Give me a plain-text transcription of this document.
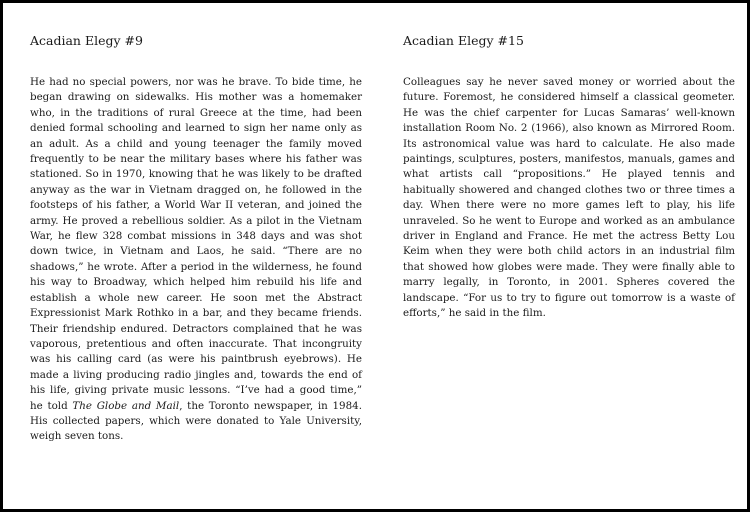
Acadian Elegy #9

He had no special powers, nor was he brave. To bide time, he began drawing on sidewalks. His mother was a homemaker who, in the traditions of rural Greece at the time, had been denied formal schooling and learned to sign her name only as an adult. As a child and young teenager the family moved frequently to be near the military bases where his father was stationed. So in 1970, knowing that he was likely to be drafted anyway as the war in Vietnam dragged on, he followed in the footsteps of his father, a World War II veteran, and joined the army. He proved a rebellious soldier. As a pilot in the Vietnam War, he flew 328 combat missions in 348 days and was shot down twice, in Vietnam and Laos, he said. “There are no shadows,” he wrote. After a period in the wilderness, he found his way to Broadway, which helped him rebuild his life and establish a whole new career. He soon met the Abstract Expressionist Mark Rothko in a bar, and they became friends. Their friendship endured. Detractors complained that he was vaporous, pretentious and often inaccurate. That incongruity was his calling card (as were his paintbrush eyebrows). He made a living producing radio jingles and, towards the end of his life, giving private music lessons. “I’ve had a good time,” he told The Globe and Mail, the Toronto newspaper, in 1984. His collected papers, which were donated to Yale University, weigh seven tons.

Acadian Elegy #15

Colleagues say he never saved money or worried about the future. Foremost, he considered himself a classical geometer. He was the chief carpenter for Lucas Samaras’ well-known installation Room No. 2 (1966), also known as Mirrored Room. Its astronomical value was hard to calculate. He also made paintings, sculptures, posters, manifestos, manuals, games and what artists call “propositions.” He played tennis and habitually showered and changed clothes two or three times a day. When there were no more games left to play, his life unraveled. So he went to Europe and worked as an ambulance driver in England and France. He met the actress Betty Lou Keim when they were both child actors in an industrial film that showed how globes were made. They were finally able to marry legally, in Toronto, in 2001. Spheres covered the landscape. “For us to try to figure out tomorrow is a waste of efforts,” he said in the film.
